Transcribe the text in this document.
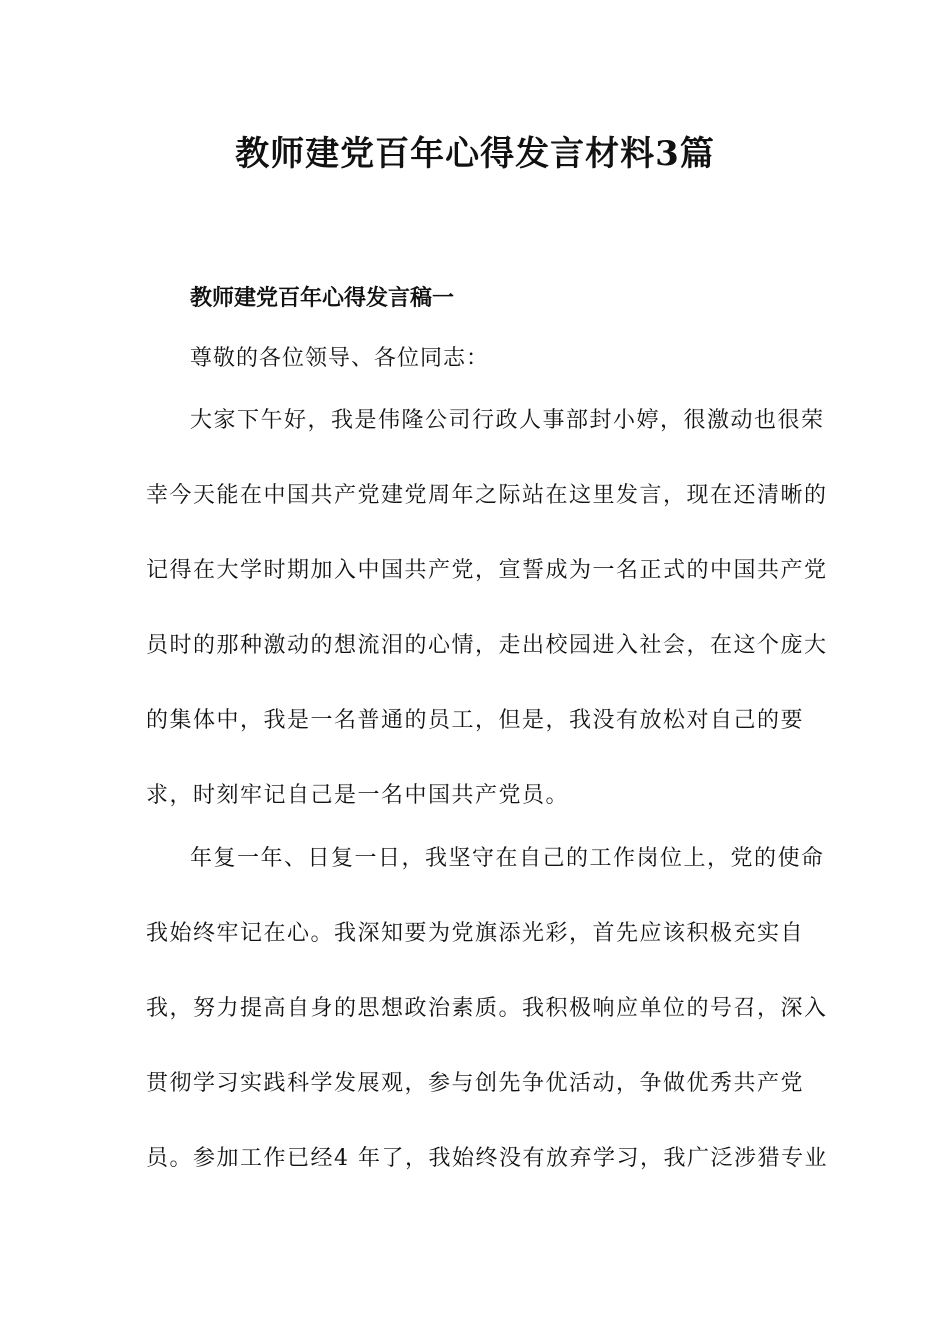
教师建党百年心得发言材料3篇
教师建党百年心得发言稿一

尊敬的各位领导、各位同志：

大家下午好，我是伟隆公司行政人事部封小婷，很激动也很荣
幸今天能在中国共产党建党周年之际站在这里发言，现在还清晰的
记得在大学时期加入中国共产党，宣誓成为一名正式的中国共产党
员时的那种激动的想流泪的心情，走出校园进入社会，在这个庞大
的集体中，我是一名普通的员工，但是，我没有放松对自己的要
求，时刻牢记自己是一名中国共产党员。
年复一年、日复一日，我坚守在自己的工作岗位上，党的使命
我始终牢记在心。我深知要为党旗添光彩，首先应该积极充实自
我，努力提高自身的思想政治素质。我积极响应单位的号召，深入
贯彻学习实践科学发展观，参与创先争优活动，争做优秀共产党
员。参加工作已经4 年了，我始终没有放弃学习，我广泛涉猎专业
